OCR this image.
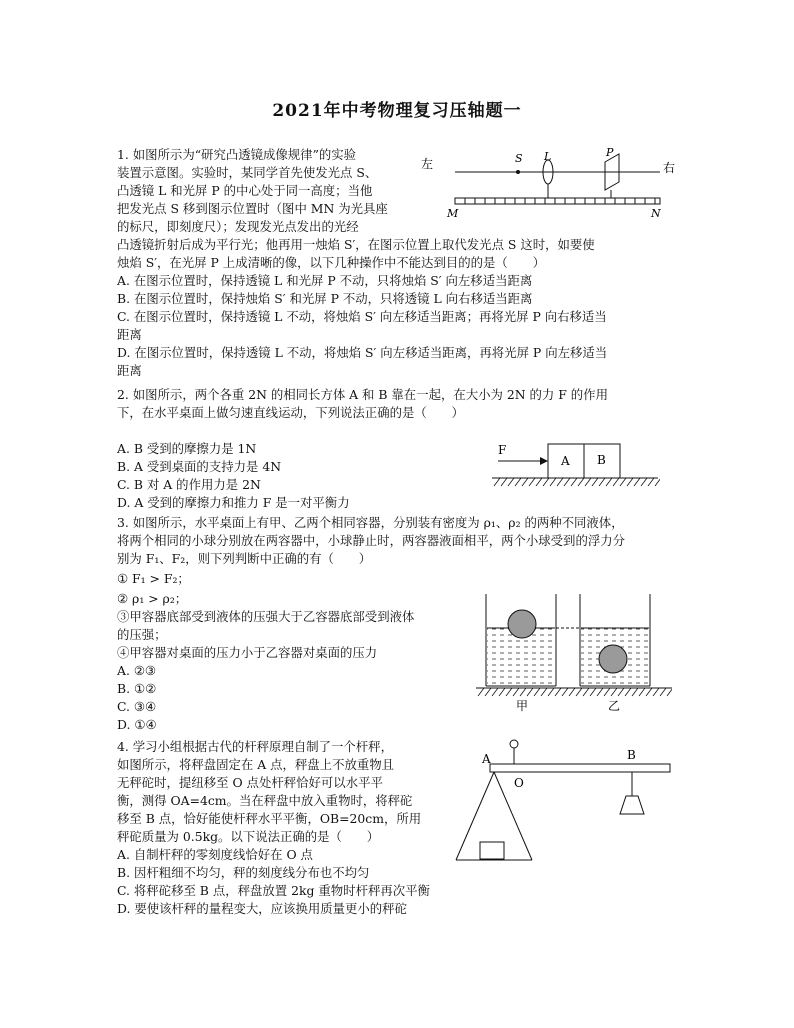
2021年中考物理复习压轴题一
1. 如图所示为“研究凸透镜成像规律”的实验
装置示意图。实验时，某同学首先使发光点 S、
凸透镜 L 和光屏 P 的中心处于同一高度；当他
把发光点 S 移到图示位置时（图中 MN 为光具座
的标尺，即刻度尺）；发现发光点发出的光经
凸透镜折射后成为平行光；他再用一烛焰 S′，在图示位置上取代发光点 S 这时，如要使
烛焰 S′，在光屏 P 上成清晰的像，以下几种操作中不能达到目的的是（　　）
A. 在图示位置时，保持透镜 L 和光屏 P 不动，只将烛焰 S′ 向左移适当距离
B. 在图示位置时，保持烛焰 S′ 和光屏 P 不动，只将透镜 L 向右移适当距离
C. 在图示位置时，保持透镜 L 不动，将烛焰 S′ 向左移适当距离；再将光屏 P 向右移适当
距离
D. 在图示位置时，保持透镜 L 不动，将烛焰 S′ 向左移适当距离，再将光屏 P 向左移适当
距离
左	右
S L	P
M	N
2. 如图所示，两个各重 2N 的相同长方体 A 和 B 靠在一起，在大小为 2N 的力 F 的作用
下，在水平桌面上做匀速直线运动，下列说法正确的是（　　）
A. B 受到的摩擦力是 1N
B. A 受到桌面的支持力是 4N
C. B 对 A 的作用力是 2N
D. A 受到的摩擦力和推力 F 是一对平衡力
F
A B
3. 如图所示，水平桌面上有甲、乙两个相同容器，分别装有密度为 ρ₁、ρ₂ 的两种不同液体，
将两个相同的小球分别放在两容器中，小球静止时，两容器液面相平，两个小球受到的浮力分
别为 F₁、F₂，则下列判断中正确的有（　　）
① F₁ > F₂；
② ρ₁ > ρ₂；
③甲容器底部受到液体的压强大于乙容器底部受到液体
的压强；
④甲容器对桌面的压力小于乙容器对桌面的压力
A. ②③
B. ①②
C. ③④
D. ①④
甲	乙
4. 学习小组根据古代的杆秤原理自制了一个杆秤，
如图所示，将秤盘固定在 A 点，秤盘上不放重物且
无秤砣时，提纽移至 O 点处杆秤恰好可以水平平
衡，测得 OA=4cm。当在秤盘中放入重物时，将秤砣
移至 B 点，恰好能使杆秤水平平衡，OB=20cm，所用
秤砣质量为 0.5kg。以下说法正确的是（　　）
A. 自制杆秤的零刻度线恰好在 O 点
B. 因杆粗细不均匀，秤的刻度线分布也不均匀
C. 将秤砣移至 B 点，秤盘放置 2kg 重物时杆秤再次平衡
D. 要使该杆秤的量程变大，应该换用质量更小的秤砣
A
O
B
